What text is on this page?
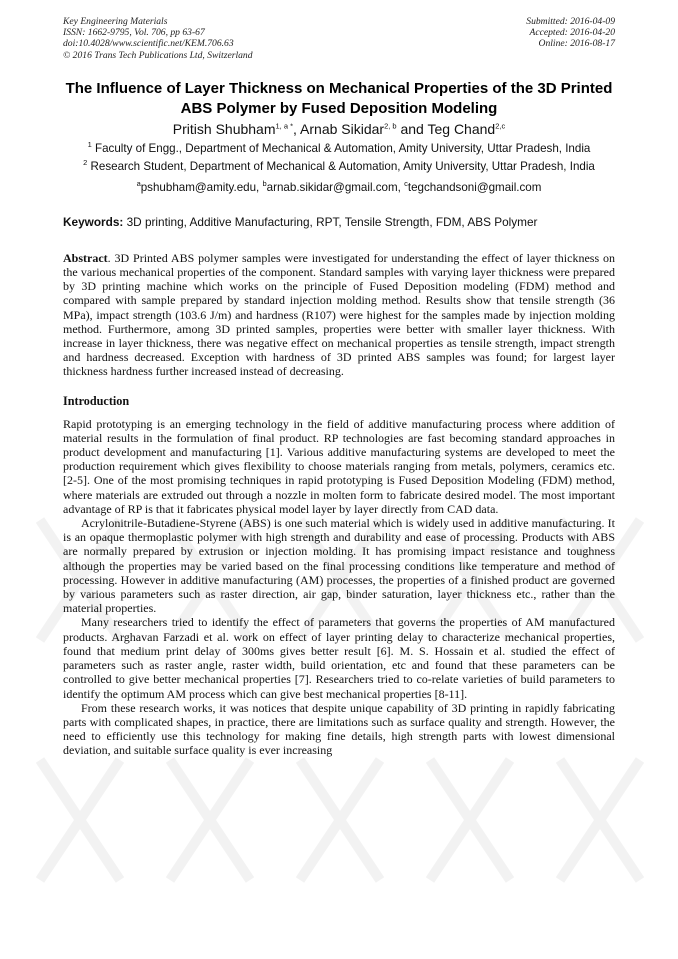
Key Engineering Materials
ISSN: 1662-9795, Vol. 706, pp 63-67
doi:10.4028/www.scientific.net/KEM.706.63
© 2016 Trans Tech Publications Ltd, Switzerland
Submitted: 2016-04-09
Accepted: 2016-04-20
Online: 2016-08-17
The Influence of Layer Thickness on Mechanical Properties of the 3D Printed ABS Polymer by Fused Deposition Modeling
Pritish Shubham$^{1, a *}$, Arnab Sikidar$^{2, b}$ and Teg Chand$^{2,c}$
$^1$ Faculty of Engg., Department of Mechanical & Automation, Amity University, Uttar Pradesh, India
$^2$ Research Student, Department of Mechanical & Automation, Amity University, Uttar Pradesh, India
$^a$pshubham@amity.edu, $^b$arnab.sikidar@gmail.com, $^c$tegchandsoni@gmail.com
Keywords: 3D printing, Additive Manufacturing, RPT, Tensile Strength, FDM, ABS Polymer
Abstract. 3D Printed ABS polymer samples were investigated for understanding the effect of layer thickness on the various mechanical properties of the component. Standard samples with varying layer thickness were prepared by 3D printing machine which works on the principle of Fused Deposition modeling (FDM) method and compared with sample prepared by standard injection molding method. Results show that tensile strength (36 MPa), impact strength (103.6 J/m) and hardness (R107) were highest for the samples made by injection molding method. Furthermore, among 3D printed samples, properties were better with smaller layer thickness. With increase in layer thickness, there was negative effect on mechanical properties as tensile strength, impact strength and hardness decreased. Exception with hardness of 3D printed ABS samples was found; for largest layer thickness hardness further increased instead of decreasing.
Introduction

Rapid prototyping is an emerging technology in the field of additive manufacturing process where addition of material results in the formulation of final product. RP technologies are fast becoming standard approaches in product development and manufacturing [1]. Various additive manufacturing systems are developed to meet the production requirement which gives flexibility to choose materials ranging from metals, polymers, ceramics etc. [2-5]. One of the most promising techniques in rapid prototyping is Fused Deposition Modeling (FDM) method, where materials are extruded out through a nozzle in molten form to fabricate desired model. The most important advantage of RP is that it fabricates physical model layer by layer directly from CAD data.

Acrylonitrile-Butadiene-Styrene (ABS) is one such material which is widely used in additive manufacturing. It is an opaque thermoplastic polymer with high strength and durability and ease of processing. Products with ABS are normally prepared by extrusion or injection molding. It has promising impact resistance and toughness although the properties may be varied based on the final processing conditions like temperature and method of processing. However in additive manufacturing (AM) processes, the properties of a finished product are governed by various parameters such as raster direction, air gap, binder saturation, layer thickness etc., rather than the material properties.

Many researchers tried to identify the effect of parameters that governs the properties of AM manufactured products. Arghavan Farzadi et al. work on effect of layer printing delay to characterize mechanical properties, found that medium print delay of 300ms gives better result [6]. M. S. Hossain et al. studied the effect of parameters such as raster angle, raster width, build orientation, etc and found that these parameters can be controlled to give better mechanical properties [7]. Researchers tried to co-relate varieties of build parameters to identify the optimum AM process which can give best mechanical properties [8-11].

From these research works, it was notices that despite unique capability of 3D printing in rapidly fabricating parts with complicated shapes, in practice, there are limitations such as surface quality and strength. However, the need to efficiently use this technology for making fine details, high strength parts with lowest dimensional deviation, and suitable surface quality is ever increasing
